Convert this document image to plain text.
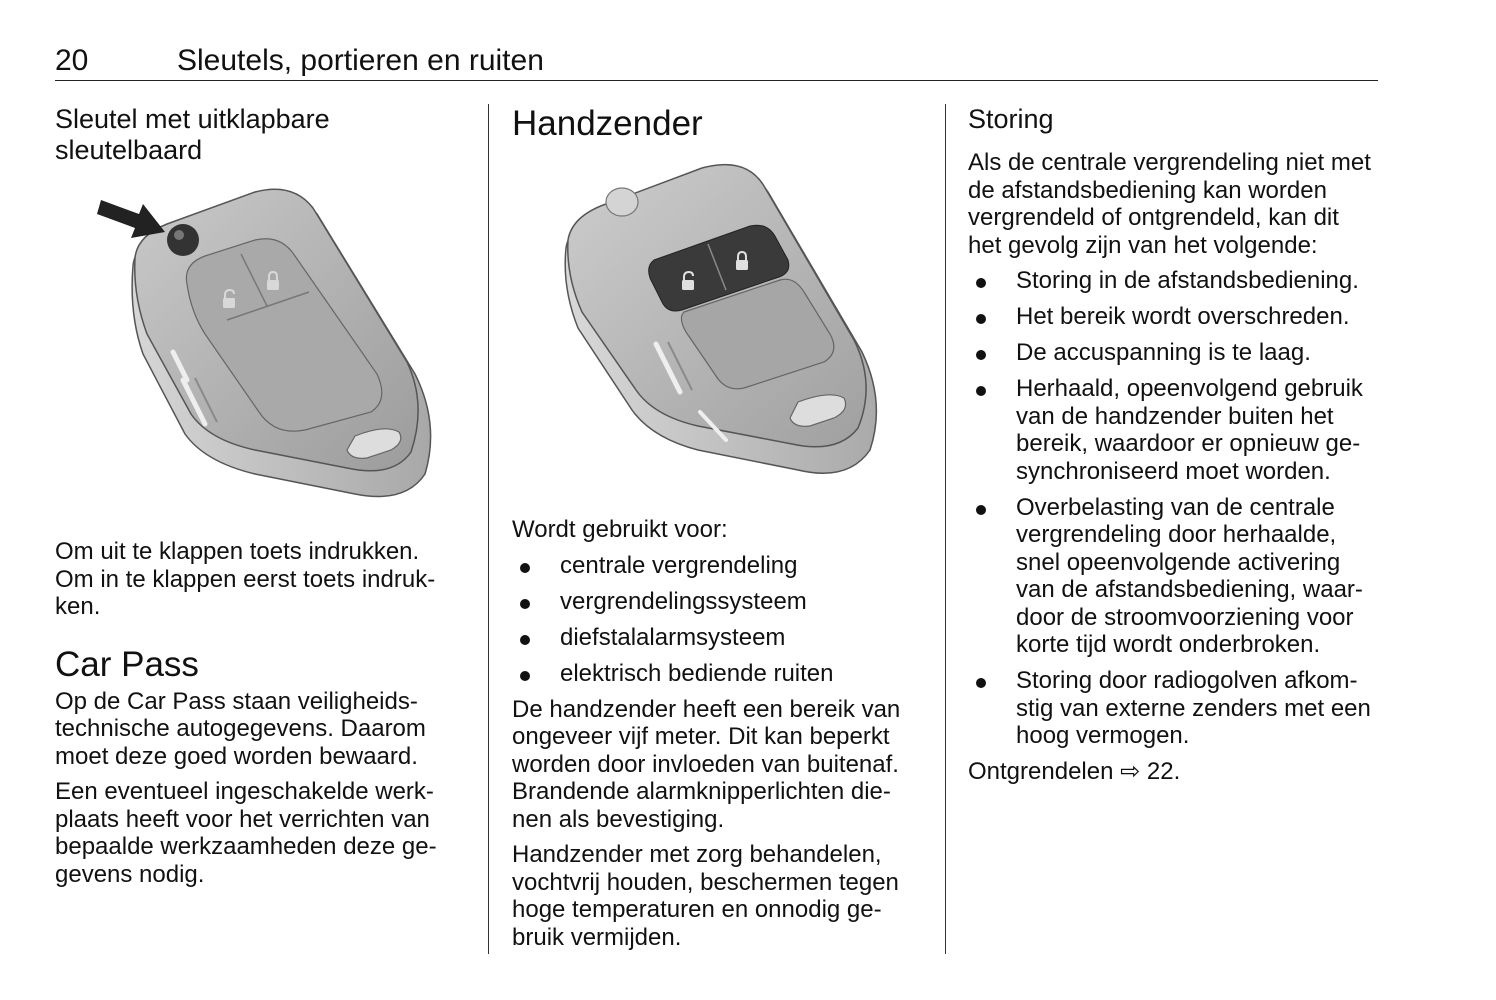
20	Sleutels, portieren en ruiten
Sleutel met uitklapbare sleutelbaard

Om uit te klappen toets indrukken.
Om in te klappen eerst toets indruk-
ken.

Car Pass

Op de Car Pass staan veiligheids-
technische autogegevens. Daarom
moet deze goed worden bewaard.

Een eventueel ingeschakelde werk-
plaats heeft voor het verrichten van
bepaalde werkzaamheden deze ge-
gevens nodig.

Handzender

Wordt gebruikt voor:

centrale vergrendeling
vergrendelingssysteem
diefstalalarmsysteem
elektrisch bediende ruiten

De handzender heeft een bereik van
ongeveer vijf meter. Dit kan beperkt
worden door invloeden van buitenaf.
Brandende alarmknipperlichten die-
nen als bevestiging.

Handzender met zorg behandelen,
vochtvrij houden, beschermen tegen
hoge temperaturen en onnodig ge-
bruik vermijden.

Storing

Als de centrale vergrendeling niet met
de afstandsbediening kan worden
vergrendeld of ontgrendeld, kan dit
het gevolg zijn van het volgende:

Storing in de afstandsbediening.
Het bereik wordt overschreden.
De accuspanning is te laag.
Herhaald, opeenvolgend gebruik
van de handzender buiten het
bereik, waardoor er opnieuw ge-
synchroniseerd moet worden.
Overbelasting van de centrale
vergrendeling door herhaalde,
snel opeenvolgende activering
van de afstandsbediening, waar-
door de stroomvoorziening voor
korte tijd wordt onderbroken.
Storing door radiogolven afkom-
stig van externe zenders met een
hoog vermogen.

Ontgrendelen ⇨ 22.
